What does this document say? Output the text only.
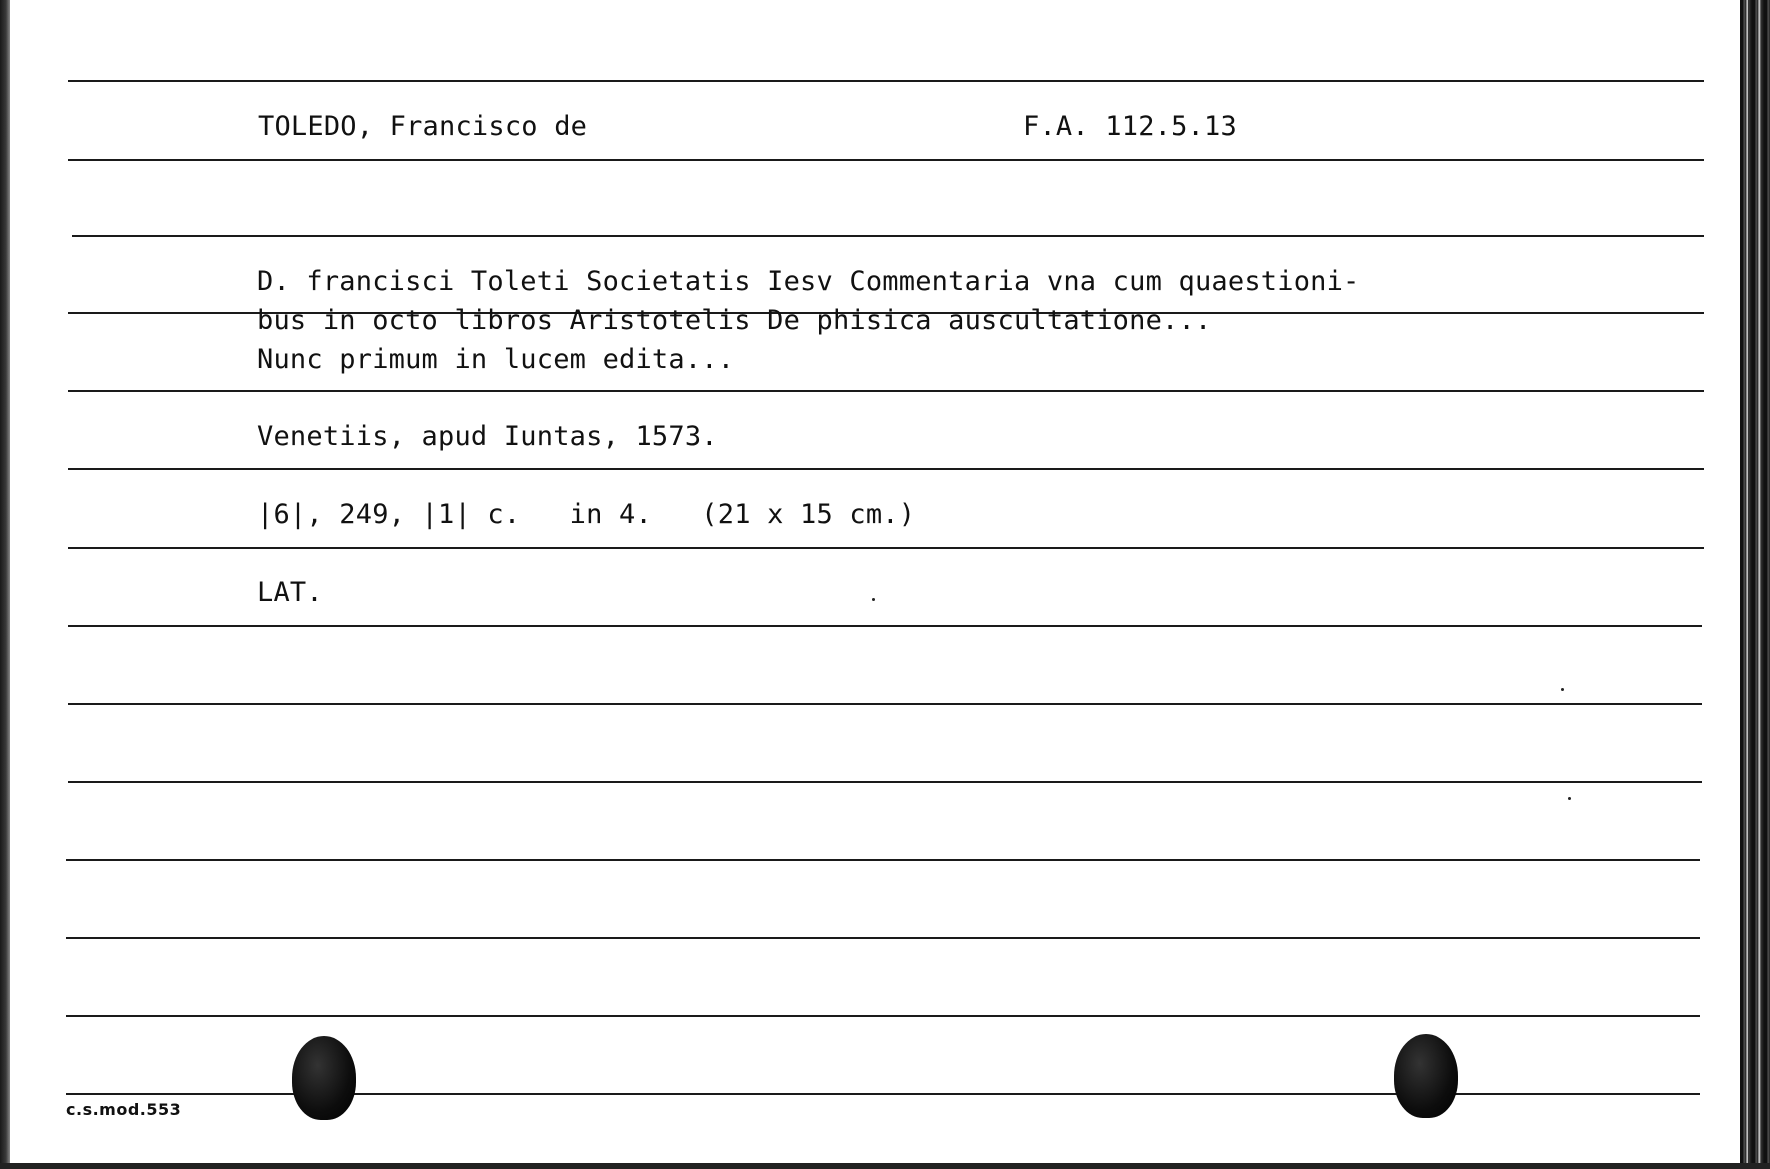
TOLEDO, Francisco de	F.A. 112.5.13
D. francisci Toleti Societatis Iesv Commentaria vna cum quaestioni-
bus in octo libros Aristotelis De phisica auscultatione...
Nunc primum in lucem edita...
Venetiis, apud Iuntas, 1573.
|6|, 249, |1| c.   in 4.   (21 x 15 cm.)
LAT.
c.s.mod.553
